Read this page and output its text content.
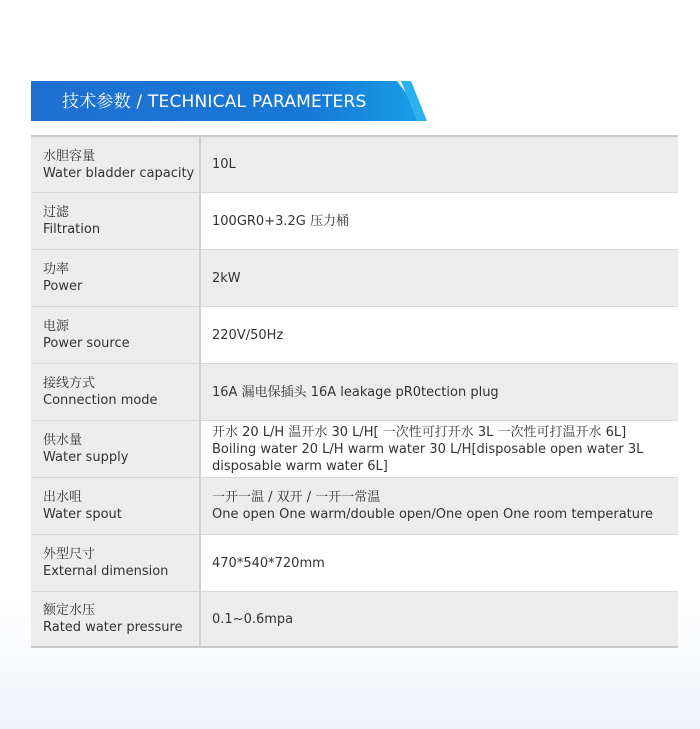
技术参数 / TECHNICAL PARAMETERS
水胆容量
Water bladder capacity
10L
过滤
Filtration
100GR0+3.2G 压力桶
功率
Power
2kW
电源
Power source
220V/50Hz
接线方式
Connection mode
16A 漏电保插头 16A leakage pR0tection plug
供水量
Water supply
开水 20 L/H 温开水 30 L/H[ 一次性可打开水 3L 一次性可打温开水 6L]
Boiling water 20 L/H warm water 30 L/H[disposable open water 3L
disposable warm water 6L]
出水咀
Water spout
一开一温 / 双开 / 一开一常温
One open One warm/double open/One open One room temperature
外型尺寸
External dimension
470*540*720mm
额定水压
Rated water pressure
0.1~0.6mpa
